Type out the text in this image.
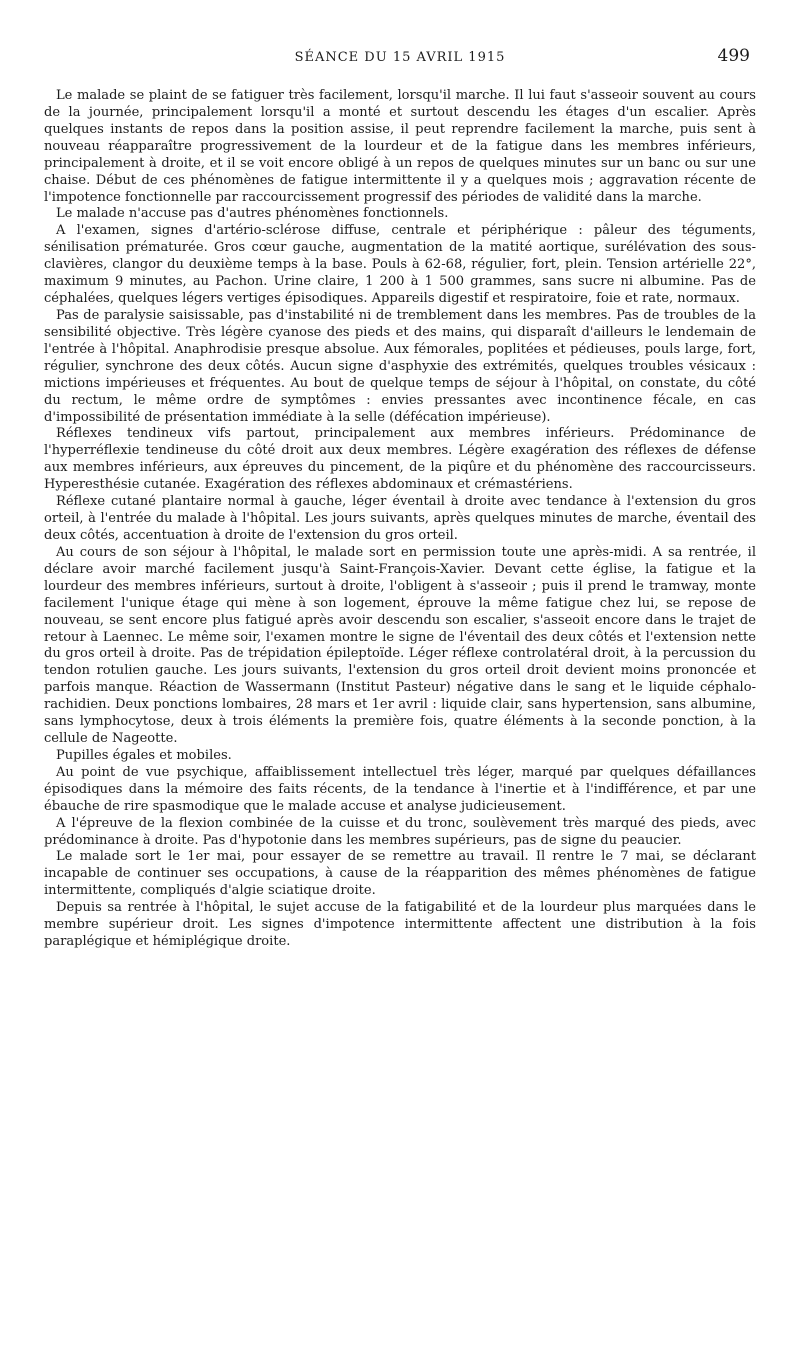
SÉANCE DU 15 AVRIL 1915	499

Le malade se plaint de se fatiguer très facilement, lorsqu'il marche. Il lui faut s'asseoir souvent au cours de la journée, principalement lorsqu'il a monté et surtout descendu les étages d'un escalier. Après quelques instants de repos dans la position assise, il peut reprendre facilement la marche, puis sent à nouveau réapparaître progressivement de la lourdeur et de la fatigue dans les membres inférieurs, principalement à droite, et il se voit encore obligé à un repos de quelques minutes sur un banc ou sur une chaise. Début de ces phénomènes de fatigue intermittente il y a quelques mois ; aggravation récente de l'impotence fonctionnelle par raccourcissement progressif des périodes de validité dans la marche.

Le malade n'accuse pas d'autres phénomènes fonctionnels.

A l'examen, signes d'artério-sclérose diffuse, centrale et périphérique : pâleur des téguments, sénilisation prématurée. Gros cœur gauche, augmentation de la matité aortique, surélévation des sous-clavières, clangor du deuxième temps à la base. Pouls à 62-68, régulier, fort, plein. Tension artérielle 22°, maximum 9 minutes, au Pachon. Urine claire, 1 200 à 1 500 grammes, sans sucre ni albumine. Pas de céphalées, quelques légers vertiges épisodiques. Appareils digestif et respiratoire, foie et rate, normaux.

Pas de paralysie saisissable, pas d'instabilité ni de tremblement dans les membres. Pas de troubles de la sensibilité objective. Très légère cyanose des pieds et des mains, qui disparaît d'ailleurs le lendemain de l'entrée à l'hôpital. Anaphrodisie presque absolue. Aux fémorales, poplitées et pédieuses, pouls large, fort, régulier, synchrone des deux côtés. Aucun signe d'asphyxie des extrémités, quelques troubles vésicaux : mictions impérieuses et fréquentes. Au bout de quelque temps de séjour à l'hôpital, on constate, du côté du rectum, le même ordre de symptômes : envies pressantes avec incontinence fécale, en cas d'impossibilité de présentation immédiate à la selle (défécation impérieuse).

Réflexes tendineux vifs partout, principalement aux membres inférieurs. Prédominance de l'hyperréflexie tendineuse du côté droit aux deux membres. Légère exagération des réflexes de défense aux membres inférieurs, aux épreuves du pincement, de la piqûre et du phénomène des raccourcisseurs. Hyperesthésie cutanée. Exagération des réflexes abdominaux et crémastériens.

Réflexe cutané plantaire normal à gauche, léger éventail à droite avec tendance à l'extension du gros orteil, à l'entrée du malade à l'hôpital. Les jours suivants, après quelques minutes de marche, éventail des deux côtés, accentuation à droite de l'extension du gros orteil.

Au cours de son séjour à l'hôpital, le malade sort en permission toute une après-midi. A sa rentrée, il déclare avoir marché facilement jusqu'à Saint-François-Xavier. Devant cette église, la fatigue et la lourdeur des membres inférieurs, surtout à droite, l'obligent à s'asseoir ; puis il prend le tramway, monte facilement l'unique étage qui mène à son logement, éprouve la même fatigue chez lui, se repose de nouveau, se sent encore plus fatigué après avoir descendu son escalier, s'asseoit encore dans le trajet de retour à Laennec. Le même soir, l'examen montre le signe de l'éventail des deux côtés et l'extension nette du gros orteil à droite. Pas de trépidation épileptoïde. Léger réflexe controlatéral droit, à la percussion du tendon rotulien gauche. Les jours suivants, l'extension du gros orteil droit devient moins prononcée et parfois manque. Réaction de Wassermann (Institut Pasteur) négative dans le sang et le liquide céphalo-rachidien. Deux ponctions lombaires, 28 mars et 1er avril : liquide clair, sans hypertension, sans albumine, sans lymphocytose, deux à trois éléments la première fois, quatre éléments à la seconde ponction, à la cellule de Nageotte.

Pupilles égales et mobiles.

Au point de vue psychique, affaiblissement intellectuel très léger, marqué par quelques défaillances épisodiques dans la mémoire des faits récents, de la tendance à l'inertie et à l'indifférence, et par une ébauche de rire spasmodique que le malade accuse et analyse judicieusement.

A l'épreuve de la flexion combinée de la cuisse et du tronc, soulèvement très marqué des pieds, avec prédominance à droite. Pas d'hypotonie dans les membres supérieurs, pas de signe du peaucier.

Le malade sort le 1er mai, pour essayer de se remettre au travail. Il rentre le 7 mai, se déclarant incapable de continuer ses occupations, à cause de la réapparition des mêmes phénomènes de fatigue intermittente, compliqués d'algie sciatique droite.

Depuis sa rentrée à l'hôpital, le sujet accuse de la fatigabilité et de la lourdeur plus marquées dans le membre supérieur droit. Les signes d'impotence intermittente affectent une distribution à la fois paraplégique et hémiplégique droite.
